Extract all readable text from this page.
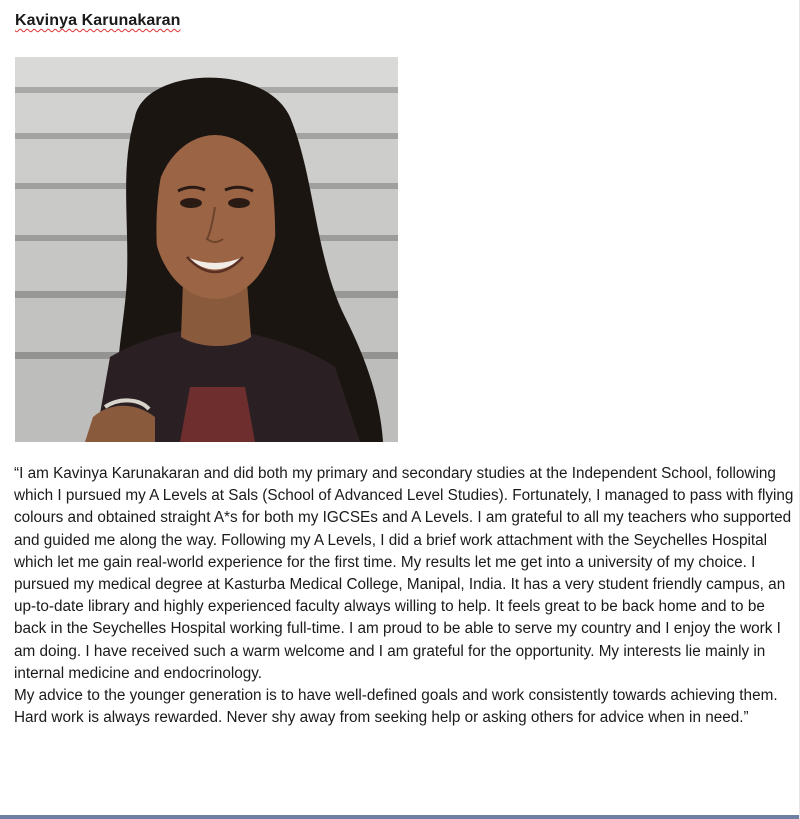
Kavinya Karunakaran

“I am Kavinya Karunakaran and did both my primary and secondary studies at the Independent School, following which I pursued my A Levels at Sals (School of Advanced Level Studies). Fortunately, I managed to pass with flying colours and obtained straight A*s for both my IGCSEs and A Levels. I am grateful to all my teachers who supported and guided me along the way. Following my A Levels, I did a brief work attachment with the Seychelles Hospital which let me gain real-world experience for the first time. My results let me get into a university of my choice. I pursued my medical degree at Kasturba Medical College, Manipal, India. It has a very student friendly campus, an up-to-date library and highly experienced faculty always willing to help. It feels great to be back home and to be back in the Seychelles Hospital working full-time. I am proud to be able to serve my country and I enjoy the work I am doing. I have received such a warm welcome and I am grateful for the opportunity. My interests lie mainly in internal medicine and endocrinology.

My advice to the younger generation is to have well-defined goals and work consistently towards achieving them. Hard work is always rewarded. Never shy away from seeking help or asking others for advice when in need.”
